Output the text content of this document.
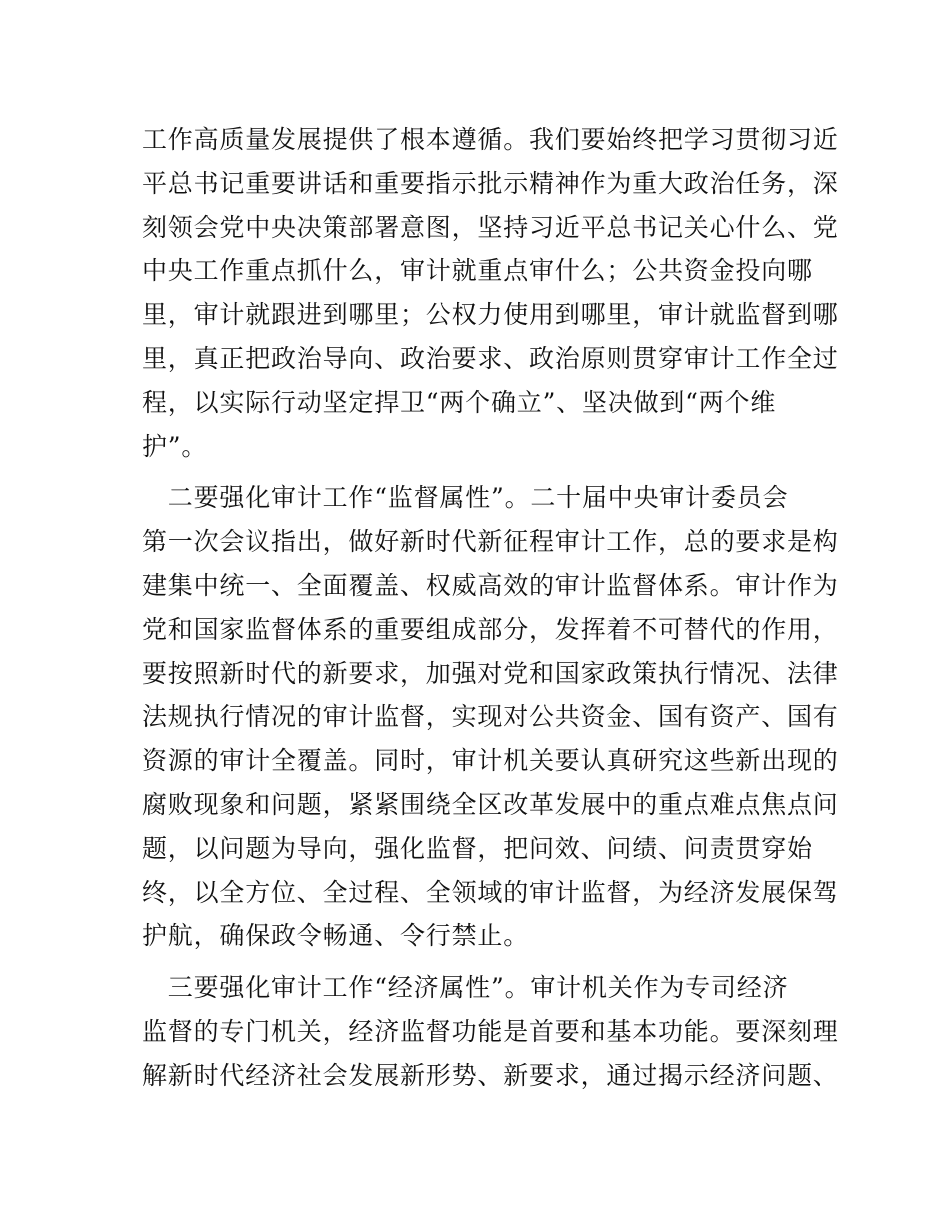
工作高质量发展提供了根本遵循。我们要始终把学习贯彻习近
平总书记重要讲话和重要指示批示精神作为重大政治任务，深
刻领会党中央决策部署意图，坚持习近平总书记关心什么、党
中央工作重点抓什么，审计就重点审什么；公共资金投向哪
里，审计就跟进到哪里；公权力使用到哪里，审计就监督到哪
里，真正把政治导向、政治要求、政治原则贯穿审计工作全过
程，以实际行动坚定捍卫“两个确立”、坚决做到“两个维
护”。
　二要强化审计工作“监督属性”。二十届中央审计委员会
第一次会议指出，做好新时代新征程审计工作，总的要求是构
建集中统一、全面覆盖、权威高效的审计监督体系。审计作为
党和国家监督体系的重要组成部分，发挥着不可替代的作用，
要按照新时代的新要求，加强对党和国家政策执行情况、法律
法规执行情况的审计监督，实现对公共资金、国有资产、国有
资源的审计全覆盖。同时，审计机关要认真研究这些新出现的
腐败现象和问题，紧紧围绕全区改革发展中的重点难点焦点问
题，以问题为导向，强化监督，把问效、问绩、问责贯穿始
终，以全方位、全过程、全领域的审计监督，为经济发展保驾
护航，确保政令畅通、令行禁止。
　三要强化审计工作“经济属性”。审计机关作为专司经济
监督的专门机关，经济监督功能是首要和基本功能。要深刻理
解新时代经济社会发展新形势、新要求，通过揭示经济问题、
